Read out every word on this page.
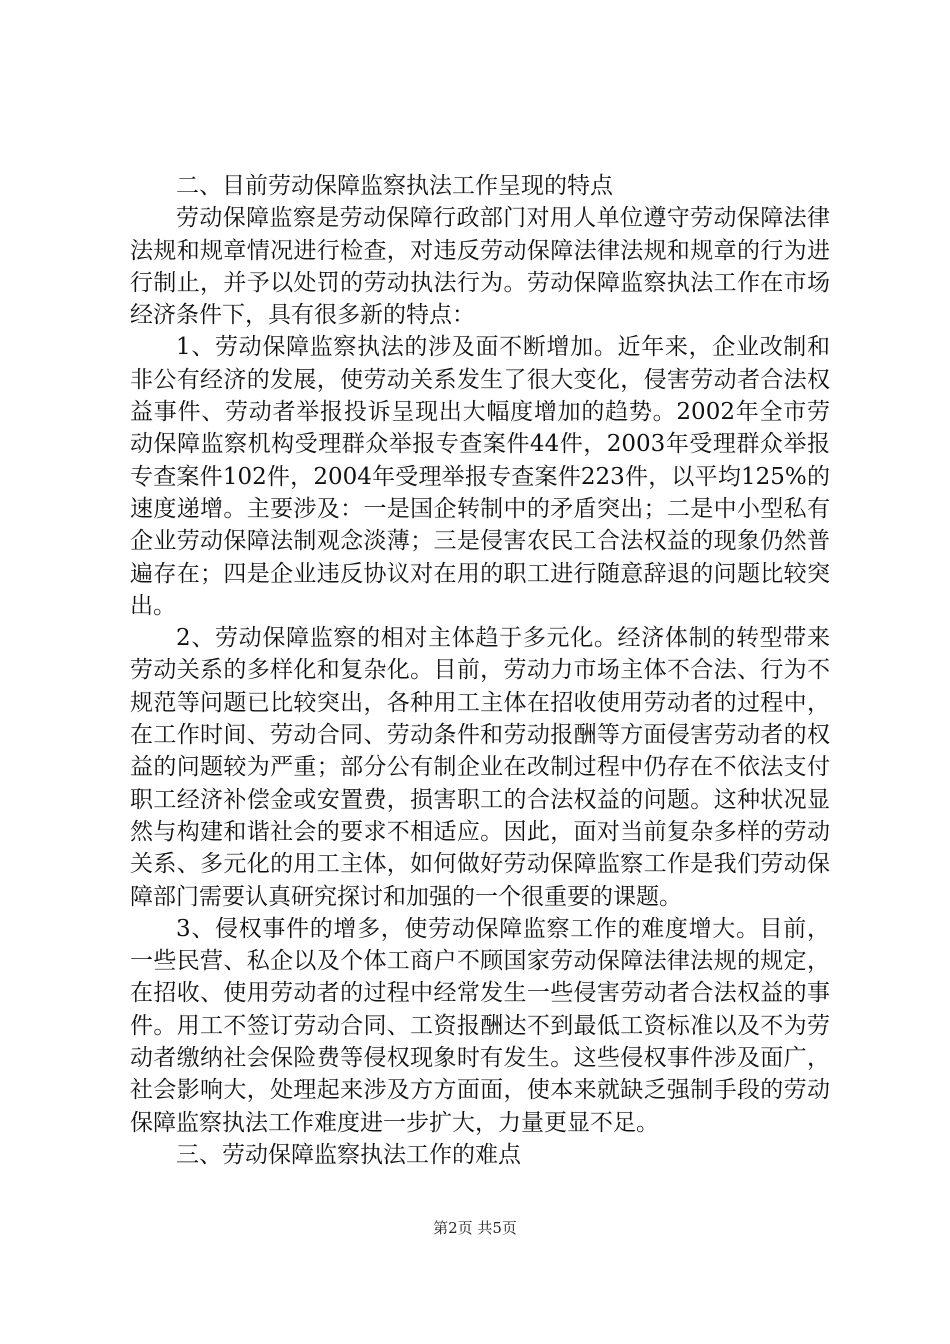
二、目前劳动保障监察执法工作呈现的特点

劳动保障监察是劳动保障行政部门对用人单位遵守劳动保障法律法规和规章情况进行检查，对违反劳动保障法律法规和规章的行为进行制止，并予以处罚的劳动执法行为。劳动保障监察执法工作在市场经济条件下，具有很多新的特点：

1、劳动保障监察执法的涉及面不断增加。近年来，企业改制和非公有经济的发展，使劳动关系发生了很大变化，侵害劳动者合法权益事件、劳动者举报投诉呈现出大幅度增加的趋势。2002年全市劳动保障监察机构受理群众举报专查案件44件，2003年受理群众举报专查案件102件，2004年受理举报专查案件223件，以平均125%的速度递增。主要涉及：一是国企转制中的矛盾突出；二是中小型私有企业劳动保障法制观念淡薄；三是侵害农民工合法权益的现象仍然普遍存在；四是企业违反协议对在用的职工进行随意辞退的问题比较突出。

2、劳动保障监察的相对主体趋于多元化。经济体制的转型带来劳动关系的多样化和复杂化。目前，劳动力市场主体不合法、行为不规范等问题已比较突出，各种用工主体在招收使用劳动者的过程中，在工作时间、劳动合同、劳动条件和劳动报酬等方面侵害劳动者的权益的问题较为严重；部分公有制企业在改制过程中仍存在不依法支付职工经济补偿金或安置费，损害职工的合法权益的问题。这种状况显然与构建和谐社会的要求不相适应。因此，面对当前复杂多样的劳动关系、多元化的用工主体，如何做好劳动保障监察工作是我们劳动保障部门需要认真研究探讨和加强的一个很重要的课题。

3、侵权事件的增多，使劳动保障监察工作的难度增大。目前，一些民营、私企以及个体工商户不顾国家劳动保障法律法规的规定，在招收、使用劳动者的过程中经常发生一些侵害劳动者合法权益的事件。用工不签订劳动合同、工资报酬达不到最低工资标准以及不为劳动者缴纳社会保险费等侵权现象时有发生。这些侵权事件涉及面广，社会影响大，处理起来涉及方方面面，使本来就缺乏强制手段的劳动保障监察执法工作难度进一步扩大，力量更显不足。

三、劳动保障监察执法工作的难点

第2页 共5页
